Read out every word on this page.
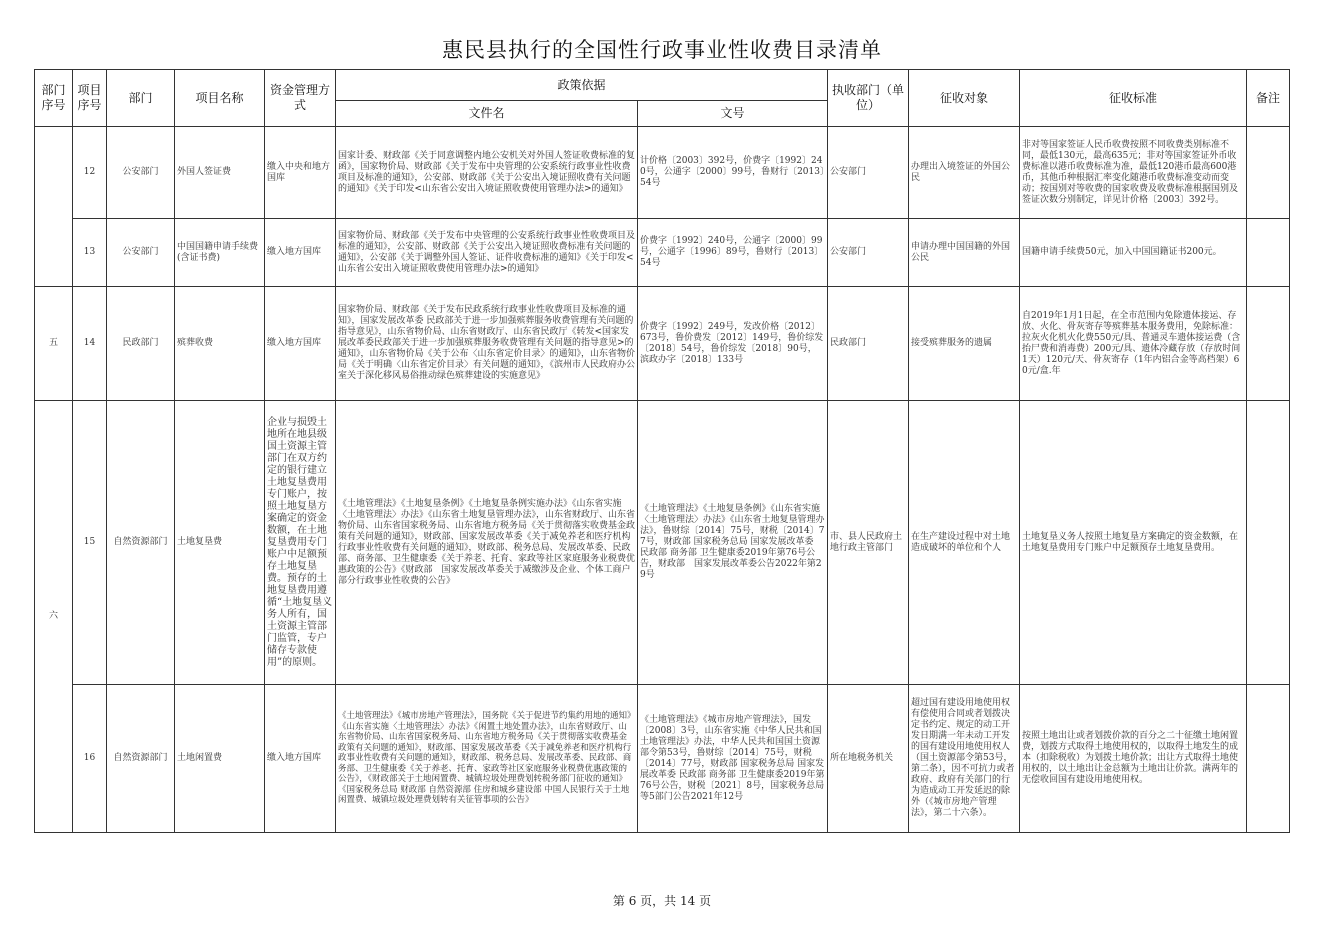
惠民县执行的全国性行政事业性收费目录清单
部门序号	项目序号	部门	项目名称	资金管理方式	政策依据		执收部门（单位）	征收对象	征收标准	备注
					文件名	文号				
	12	公安部门	外国人签证费	缴入中央和地方国库	国家计委、财政部《关于同意调整内地公安机关对外国人签证收费标准的复函》，国家物价局、财政部《关于发布中央管理的公安系统行政事业性收费项目及标准的通知》，公安部、财政部《关于公安出入境证照收费有关问题的通知》《关于印发<山东省公安出入境证照收费使用管理办法>的通知》	计价格〔2003〕392号，价费字〔1992〕240号，公通字〔2000〕99号，鲁财行〔2013〕54号	公安部门	办理出入境签证的外国公民	非对等国家签证人民币收费按照不同收费类别标准不同，最低130元，最高635元；非对等国家签证外币收费标准以港币收费标准为准，最低120港币最高600港币，其他币种根据汇率变化随港币收费标准变动而变动；按国别对等收费的国家收费及收费标准根据国别及签证次数分别制定，详见计价格〔2003〕392号。	
	13	公安部门	中国国籍申请手续费(含证书费)	缴入地方国库	国家物价局、财政部《关于发布中央管理的公安系统行政事业性收费项目及标准的通知》，公安部、财政部《关于公安出入境证照收费标准有关问题的通知》，公安部《关于调整外国人签证、证件收费标准的通知》《关于印发<山东省公安出入境证照收费使用管理办法>的通知》	价费字〔1992〕240号，公通字〔2000〕99号，公通字〔1996〕89号，鲁财行〔2013〕54号	公安部门	申请办理中国国籍的外国公民	国籍申请手续费50元，加入中国国籍证书200元。	
五	14	民政部门	殡葬收费	缴入地方国库	国家物价局、财政部《关于发布民政系统行政事业性收费项目及标准的通知》，国家发展改革委 民政部关于进一步加强殡葬服务收费管理有关问题的指导意见》，山东省物价局、山东省财政厅、山东省民政厅《转发<国家发展改革委民政部关于进一步加强殡葬服务收费管理有关问题的指导意见>的通知》，山东省物价局《关于公布〈山东省定价目录〉的通知》，山东省物价局《关于明确〈山东省定价目录〉有关问题的通知》，《滨州市人民政府办公室关于深化移风易俗推动绿色殡葬建设的实施意见》	价费字〔1992〕249号，发改价格〔2012〕673号，鲁价费发〔2012〕149号，鲁价综发〔2018〕54号，鲁价综发〔2018〕90号，滨政办字〔2018〕133号	民政部门	接受殡葬服务的遗属	自2019年1月1日起，在全市范围内免除遗体接运、存放、火化、骨灰寄存等殡葬基本服务费用，免除标准：拉灰火化机火化费550元/具、普通灵车遗体接运费（含抬尸费和消毒费）200元/具、遗体冷藏存放（存放时间1天）120元/天、骨灰寄存（1年内铝合金等高档架）60元/盒.年	
六	15	自然资源部门	土地复垦费	企业与损毁土地所在地县级国土资源主管部门在双方约定的银行建立土地复垦费用专门账户，按照土地复垦方案确定的资金数额，在土地复垦费用专门账户中足额预存土地复垦费。预存的土地复垦费用遵循“土地复垦义务人所有，国土资源主管部门监管，专户储存专款使用”的原则。	《土地管理法》《土地复垦条例》《土地复垦条例实施办法》《山东省实施〈土地管理法〉办法》《山东省土地复垦管理办法》，山东省财政厅、山东省物价局、山东省国家税务局、山东省地方税务局《关于贯彻落实收费基金政策有关问题的通知》，财政部、国家发展改革委《关于减免养老和医疗机构行政事业性收费有关问题的通知》，财政部、税务总局、发展改革委、民政部、商务部、卫生健康委《关于养老、托育、家政等社区家庭服务业税费优惠政策的公告》《财政部　国家发展改革委关于减缴涉及企业、个体工商户部分行政事业性收费的公告》	《土地管理法》《土地复垦条例》《山东省实施〈土地管理法〉办法》《山东省土地复垦管理办法》，鲁财综〔2014〕75号，财税〔2014〕77号，财政部 国家税务总局 国家发展改革委 民政部 商务部 卫生健康委2019年第76号公告，财政部　国家发展改革委公告2022年第29号	市、县人民政府土地行政主管部门	在生产建设过程中对土地造成破坏的单位和个人	土地复垦义务人按照土地复垦方案确定的资金数额，在土地复垦费用专门账户中足额预存土地复垦费用。	
	16	自然资源部门	土地闲置费	缴入地方国库	《土地管理法》《城市房地产管理法》，国务院《关于促进节约集约用地的通知》《山东省实施〈土地管理法〉办法》《闲置土地处置办法》，山东省财政厅、山东省物价局、山东省国家税务局、山东省地方税务局《关于贯彻落实收费基金政策有关问题的通知》，财政部、国家发展改革委《关于减免养老和医疗机构行政事业性收费有关问题的通知》，财政部、税务总局、发展改革委、民政部、商务部、卫生健康委《关于养老、托育、家政等社区家庭服务业税费优惠政策的公告》，《财政部关于土地闲置费、城镇垃圾处理费划转税务部门征收的通知》《国家税务总局 财政部 自然资源部 住房和城乡建设部 中国人民银行关于土地闲置费、城镇垃圾处理费划转有关征管事项的公告》	《土地管理法》《城市房地产管理法》，国发〔2008〕3号，山东省实施《中华人民共和国土地管理法》办法，中华人民共和国国土资源部令第53号，鲁财综〔2014〕75号，财税〔2014〕77号，财政部 国家税务总局 国家发展改革委 民政部 商务部 卫生健康委2019年第76号公告，财税〔2021〕8号，国家税务总局等5部门公告2021年12号	所在地税务机关	超过国有建设用地使用权有偿使用合同或者划拨决定书约定、规定的动工开发日期满一年未动工开发的国有建设用地使用权人（国土资源部令第53号，第二条），因不可抗力或者政府、政府有关部门的行为造成动工开发延迟的除外（《城市房地产管理法》，第二十六条）。	按照土地出让或者划拨价款的百分之二十征缴土地闲置费，划拨方式取得土地使用权的，以取得土地发生的成本（扣除税收）为划拨土地价款；出让方式取得土地使用权的，以土地出让金总额为土地出让价款。满两年的无偿收回国有建设用地使用权。	
第 6 页，共 14 页
